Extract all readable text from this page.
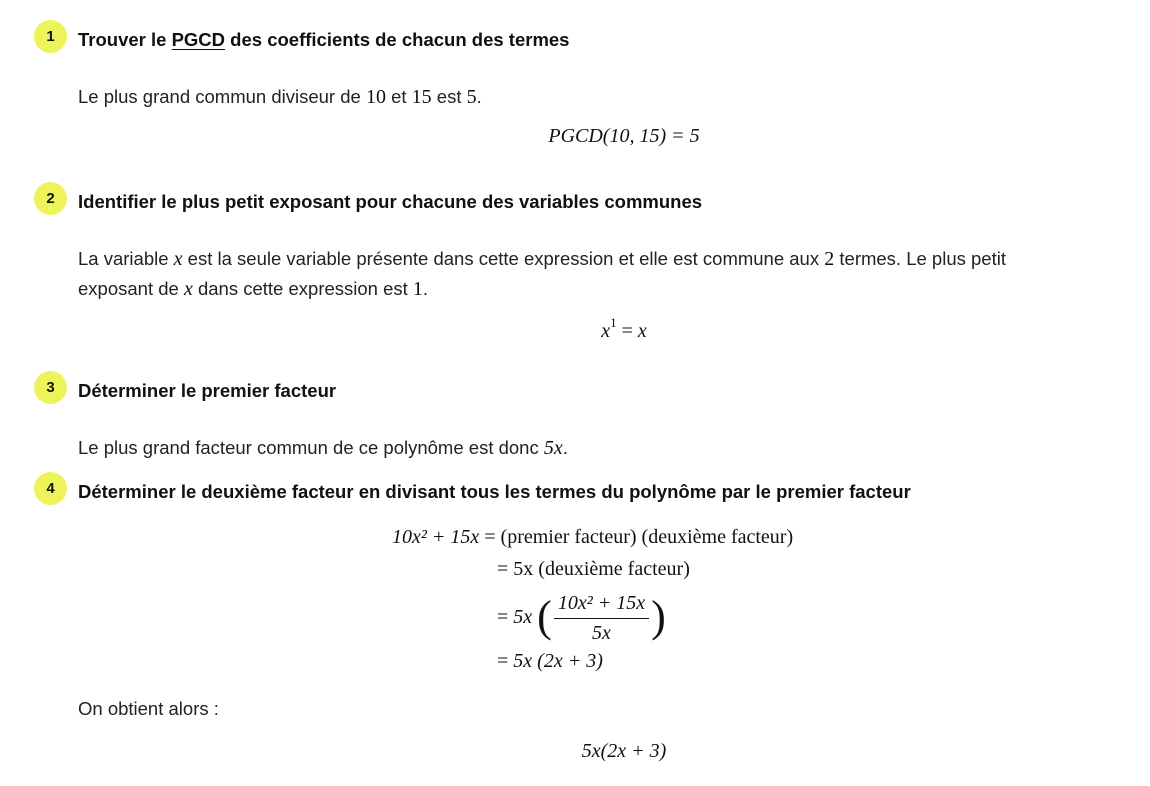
1 Trouver le PGCD des coefficients de chacun des termes
Le plus grand commun diviseur de 10 et 15 est 5.
PGCD(10, 15) = 5
2 Identifier le plus petit exposant pour chacune des variables communes
La variable x est la seule variable présente dans cette expression et elle est commune aux 2 termes. Le plus petit
exposant de x dans cette expression est 1.
$x^1 = x$
3 Déterminer le premier facteur
Le plus grand facteur commun de ce polynôme est donc 5x.
4 Déterminer le deuxième facteur en divisant tous les termes du polynôme par le premier facteur
10x² + 15x = (premier facteur) (deuxième facteur)
= 5x (deuxième facteur)
= 5x ( $\frac{\text{10x² + 15x}}{5x}$ )
= 5x (2x + 3)
On obtient alors :
5x(2x + 3)
